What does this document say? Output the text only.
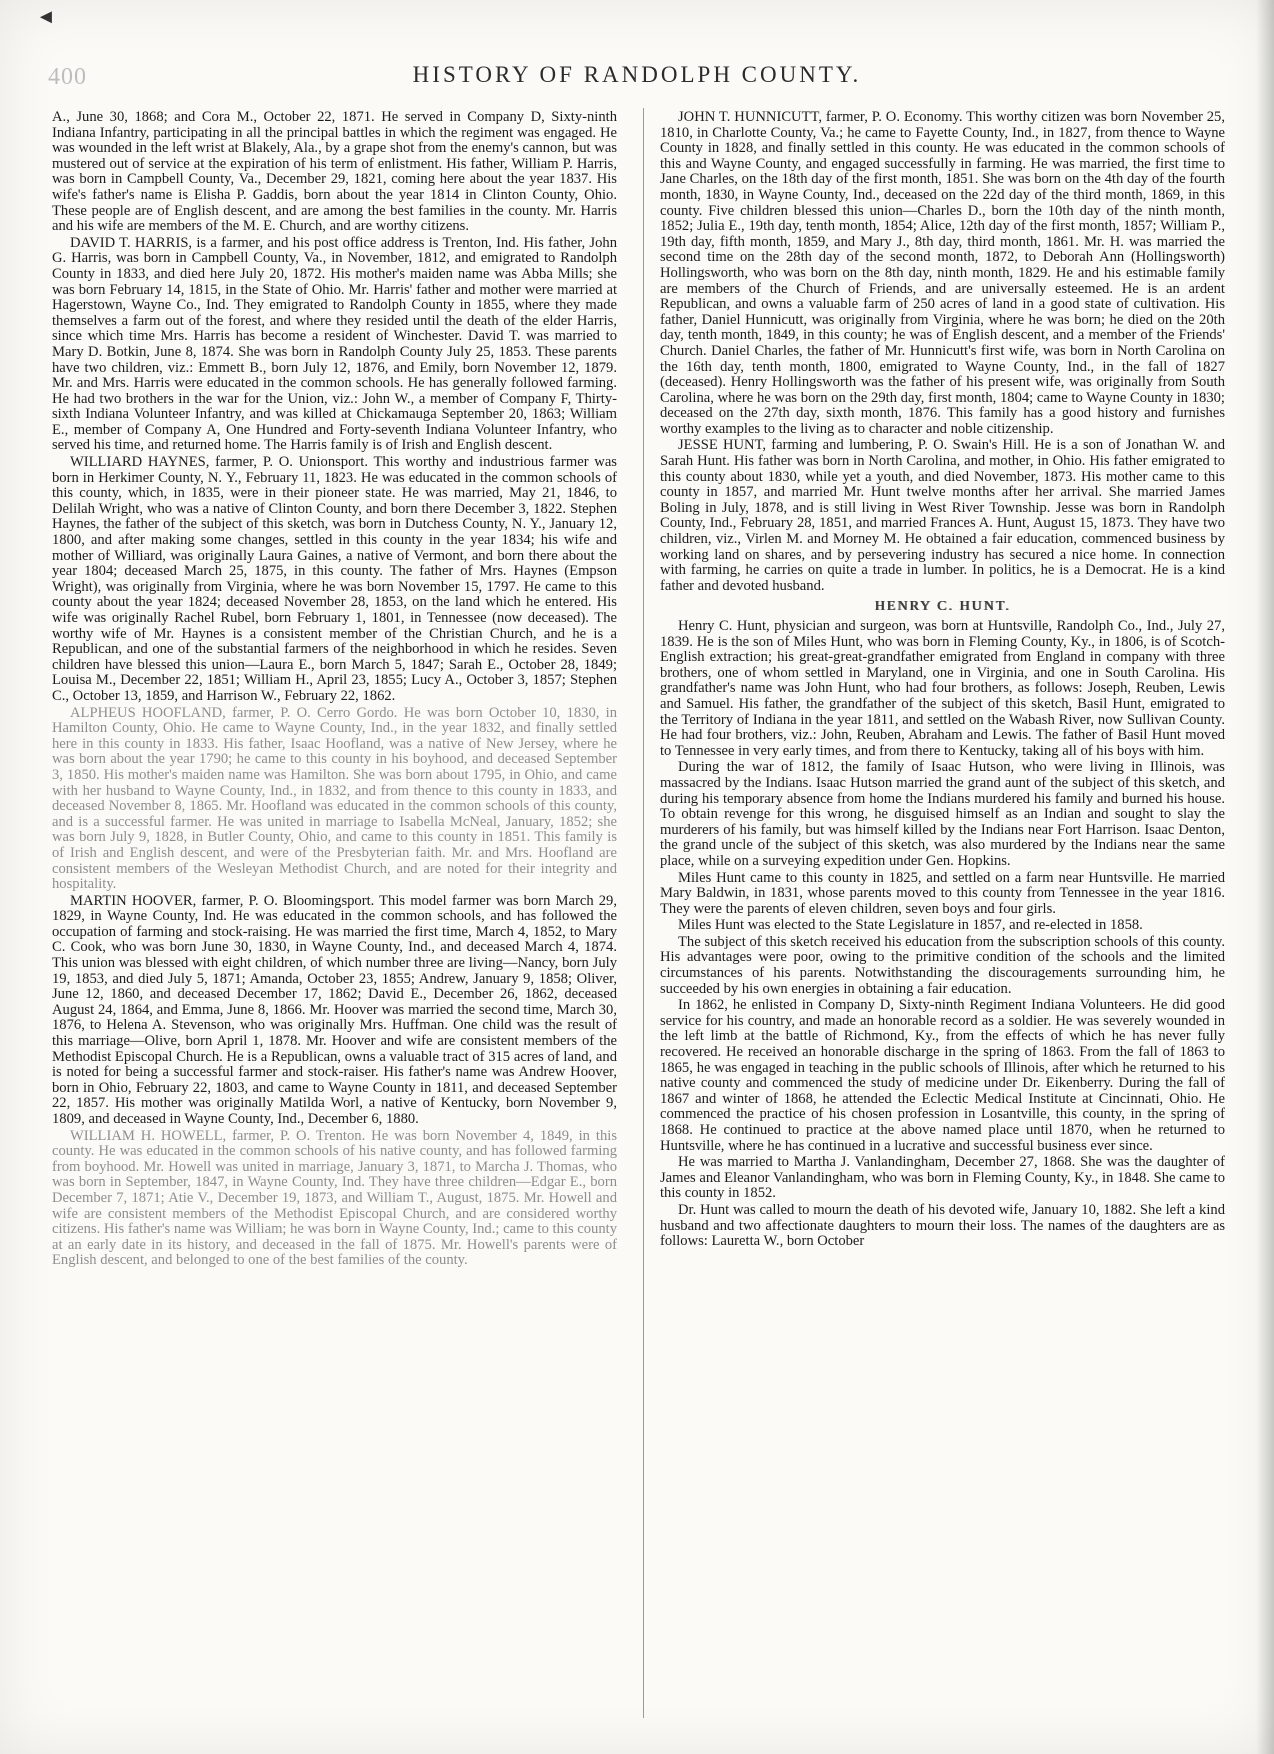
◄
400	HISTORY OF RANDOLPH COUNTY.

A., June 30, 1868; and Cora M., October 22, 1871. He served in Company D, Sixty-ninth Indiana Infantry, participating in all the principal battles in which the regiment was engaged. He was wounded in the left wrist at Blakely, Ala., by a grape shot from the enemy's cannon, but was mustered out of service at the expiration of his term of enlistment. His father, William P. Harris, was born in Campbell County, Va., December 29, 1821, coming here about the year 1837. His wife's father's name is Elisha P. Gaddis, born about the year 1814 in Clinton County, Ohio. These people are of English descent, and are among the best families in the county. Mr. Harris and his wife are members of the M. E. Church, and are worthy citizens.

DAVID T. HARRIS, is a farmer, and his post office address is Trenton, Ind. His father, John G. Harris, was born in Campbell County, Va., in November, 1812, and emigrated to Randolph County in 1833, and died here July 20, 1872. His mother's maiden name was Abba Mills; she was born February 14, 1815, in the State of Ohio. Mr. Harris' father and mother were married at Hagerstown, Wayne Co., Ind. They emigrated to Randolph County in 1855, where they made themselves a farm out of the forest, and where they resided until the death of the elder Harris, since which time Mrs. Harris has become a resident of Winchester. David T. was married to Mary D. Botkin, June 8, 1874. She was born in Randolph County July 25, 1853. These parents have two children, viz.: Emmett B., born July 12, 1876, and Emily, born November 12, 1879. Mr. and Mrs. Harris were educated in the common schools. He has generally followed farming. He had two brothers in the war for the Union, viz.: John W., a member of Company F, Thirty-sixth Indiana Volunteer Infantry, and was killed at Chickamauga September 20, 1863; William E., member of Company A, One Hundred and Forty-seventh Indiana Volunteer Infantry, who served his time, and returned home. The Harris family is of Irish and English descent.

WILLIARD HAYNES, farmer, P. O. Unionsport. This worthy and industrious farmer was born in Herkimer County, N. Y., February 11, 1823. He was educated in the common schools of this county, which, in 1835, were in their pioneer state. He was married, May 21, 1846, to Delilah Wright, who was a native of Clinton County, and born there December 3, 1822. Stephen Haynes, the father of the subject of this sketch, was born in Dutchess County, N. Y., January 12, 1800, and after making some changes, settled in this county in the year 1834; his wife and mother of Williard, was originally Laura Gaines, a native of Vermont, and born there about the year 1804; deceased March 25, 1875, in this county. The father of Mrs. Haynes (Empson Wright), was originally from Virginia, where he was born November 15, 1797. He came to this county about the year 1824; deceased November 28, 1853, on the land which he entered. His wife was originally Rachel Rubel, born February 1, 1801, in Tennessee (now deceased). The worthy wife of Mr. Haynes is a consistent member of the Christian Church, and he is a Republican, and one of the substantial farmers of the neighborhood in which he resides. Seven children have blessed this union—Laura E., born March 5, 1847; Sarah E., October 28, 1849; Louisa M., December 22, 1851; William H., April 23, 1855; Lucy A., October 3, 1857; Stephen C., October 13, 1859, and Harrison W., February 22, 1862.

ALPHEUS HOOFLAND, farmer, P. O. Cerro Gordo. He was born October 10, 1830, in Hamilton County, Ohio. He came to Wayne County, Ind., in the year 1832, and finally settled here in this county in 1833. His father, Isaac Hoofland, was a native of New Jersey, where he was born about the year 1790; he came to this county in his boyhood, and deceased September 3, 1850. His mother's maiden name was Hamilton. She was born about 1795, in Ohio, and came with her husband to Wayne County, Ind., in 1832, and from thence to this county in 1833, and deceased November 8, 1865. Mr. Hoofland was educated in the common schools of this county, and is a successful farmer. He was united in marriage to Isabella McNeal, January, 1852; she was born July 9, 1828, in Butler County, Ohio, and came to this county in 1851. This family is of Irish and English descent, and were of the Presbyterian faith. Mr. and Mrs. Hoofland are consistent members of the Wesleyan Methodist Church, and are noted for their integrity and hospitality.

MARTIN HOOVER, farmer, P. O. Bloomingsport. This model farmer was born March 29, 1829, in Wayne County, Ind. He was educated in the common schools, and has followed the occupation of farming and stock-raising. He was married the first time, March 4, 1852, to Mary C. Cook, who was born June 30, 1830, in Wayne County, Ind., and deceased March 4, 1874. This union was blessed with eight children, of which number three are living—Nancy, born July 19, 1853, and died July 5, 1871; Amanda, October 23, 1855; Andrew, January 9, 1858; Oliver, June 12, 1860, and deceased December 17, 1862; David E., December 26, 1862, deceased August 24, 1864, and Emma, June 8, 1866. Mr. Hoover was married the second time, March 30, 1876, to Helena A. Stevenson, who was originally Mrs. Huffman. One child was the result of this marriage—Olive, born April 1, 1878. Mr. Hoover and wife are consistent members of the Methodist Episcopal Church. He is a Republican, owns a valuable tract of 315 acres of land, and is noted for being a successful farmer and stock-raiser. His father's name was Andrew Hoover, born in Ohio, February 22, 1803, and came to Wayne County in 1811, and deceased September 22, 1857. His mother was originally Matilda Worl, a native of Kentucky, born November 9, 1809, and deceased in Wayne County, Ind., December 6, 1880.

WILLIAM H. HOWELL, farmer, P. O. Trenton. He was born November 4, 1849, in this county. He was educated in the common schools of his native county, and has followed farming from boyhood. Mr. Howell was united in marriage, January 3, 1871, to Marcha J. Thomas, who was born in September, 1847, in Wayne County, Ind. They have three children—Edgar E., born December 7, 1871; Atie V., December 19, 1873, and William T., August, 1875. Mr. Howell and wife are consistent members of the Methodist Episcopal Church, and are considered worthy citizens. His father's name was William; he was born in Wayne County, Ind.; came to this county at an early date in its history, and deceased in the fall of 1875. Mr. Howell's parents were of English descent, and belonged to one of the best families of the county.

JOHN T. HUNNICUTT, farmer, P. O. Economy. This worthy citizen was born November 25, 1810, in Charlotte County, Va.; he came to Fayette County, Ind., in 1827, from thence to Wayne County in 1828, and finally settled in this county. He was educated in the common schools of this and Wayne County, and engaged successfully in farming. He was married, the first time to Jane Charles, on the 18th day of the first month, 1851. She was born on the 4th day of the fourth month, 1830, in Wayne County, Ind., deceased on the 22d day of the third month, 1869, in this county. Five children blessed this union—Charles D., born the 10th day of the ninth month, 1852; Julia E., 19th day, tenth month, 1854; Alice, 12th day of the first month, 1857; William P., 19th day, fifth month, 1859, and Mary J., 8th day, third month, 1861. Mr. H. was married the second time on the 28th day of the second month, 1872, to Deborah Ann (Hollingsworth) Hollingsworth, who was born on the 8th day, ninth month, 1829. He and his estimable family are members of the Church of Friends, and are universally esteemed. He is an ardent Republican, and owns a valuable farm of 250 acres of land in a good state of cultivation. His father, Daniel Hunnicutt, was originally from Virginia, where he was born; he died on the 20th day, tenth month, 1849, in this county; he was of English descent, and a member of the Friends' Church. Daniel Charles, the father of Mr. Hunnicutt's first wife, was born in North Carolina on the 16th day, tenth month, 1800, emigrated to Wayne County, Ind., in the fall of 1827 (deceased). Henry Hollingsworth was the father of his present wife, was originally from South Carolina, where he was born on the 29th day, first month, 1804; came to Wayne County in 1830; deceased on the 27th day, sixth month, 1876. This family has a good history and furnishes worthy examples to the living as to character and noble citizenship.

JESSE HUNT, farming and lumbering, P. O. Swain's Hill. He is a son of Jonathan W. and Sarah Hunt. His father was born in North Carolina, and mother, in Ohio. His father emigrated to this county about 1830, while yet a youth, and died November, 1873. His mother came to this county in 1857, and married Mr. Hunt twelve months after her arrival. She married James Boling in July, 1878, and is still living in West River Township. Jesse was born in Randolph County, Ind., February 28, 1851, and married Frances A. Hunt, August 15, 1873. They have two children, viz., Virlen M. and Morney M. He obtained a fair education, commenced business by working land on shares, and by persevering industry has secured a nice home. In connection with farming, he carries on quite a trade in lumber. In politics, he is a Democrat. He is a kind father and devoted husband.

HENRY C. HUNT.

Henry C. Hunt, physician and surgeon, was born at Huntsville, Randolph Co., Ind., July 27, 1839. He is the son of Miles Hunt, who was born in Fleming County, Ky., in 1806, is of Scotch-English extraction; his great-great-grandfather emigrated from England in company with three brothers, one of whom settled in Maryland, one in Virginia, and one in South Carolina. His grandfather's name was John Hunt, who had four brothers, as follows: Joseph, Reuben, Lewis and Samuel. His father, the grandfather of the subject of this sketch, Basil Hunt, emigrated to the Territory of Indiana in the year 1811, and settled on the Wabash River, now Sullivan County. He had four brothers, viz.: John, Reuben, Abraham and Lewis. The father of Basil Hunt moved to Tennessee in very early times, and from there to Kentucky, taking all of his boys with him.

During the war of 1812, the family of Isaac Hutson, who were living in Illinois, was massacred by the Indians. Isaac Hutson married the grand aunt of the subject of this sketch, and during his temporary absence from home the Indians murdered his family and burned his house. To obtain revenge for this wrong, he disguised himself as an Indian and sought to slay the murderers of his family, but was himself killed by the Indians near Fort Harrison. Isaac Denton, the grand uncle of the subject of this sketch, was also murdered by the Indians near the same place, while on a surveying expedition under Gen. Hopkins.

Miles Hunt came to this county in 1825, and settled on a farm near Huntsville. He married Mary Baldwin, in 1831, whose parents moved to this county from Tennessee in the year 1816. They were the parents of eleven children, seven boys and four girls.

Miles Hunt was elected to the State Legislature in 1857, and re-elected in 1858.

The subject of this sketch received his education from the subscription schools of this county. His advantages were poor, owing to the primitive condition of the schools and the limited circumstances of his parents. Notwithstanding the discouragements surrounding him, he succeeded by his own energies in obtaining a fair education.

In 1862, he enlisted in Company D, Sixty-ninth Regiment Indiana Volunteers. He did good service for his country, and made an honorable record as a soldier. He was severely wounded in the left limb at the battle of Richmond, Ky., from the effects of which he has never fully recovered. He received an honorable discharge in the spring of 1863. From the fall of 1863 to 1865, he was engaged in teaching in the public schools of Illinois, after which he returned to his native county and commenced the study of medicine under Dr. Eikenberry. During the fall of 1867 and winter of 1868, he attended the Eclectic Medical Institute at Cincinnati, Ohio. He commenced the practice of his chosen profession in Losantville, this county, in the spring of 1868. He continued to practice at the above named place until 1870, when he returned to Huntsville, where he has continued in a lucrative and successful business ever since.

He was married to Martha J. Vanlandingham, December 27, 1868. She was the daughter of James and Eleanor Vanlandingham, who was born in Fleming County, Ky., in 1848. She came to this county in 1852.

Dr. Hunt was called to mourn the death of his devoted wife, January 10, 1882. She left a kind husband and two affectionate daughters to mourn their loss. The names of the daughters are as follows: Lauretta W., born October
